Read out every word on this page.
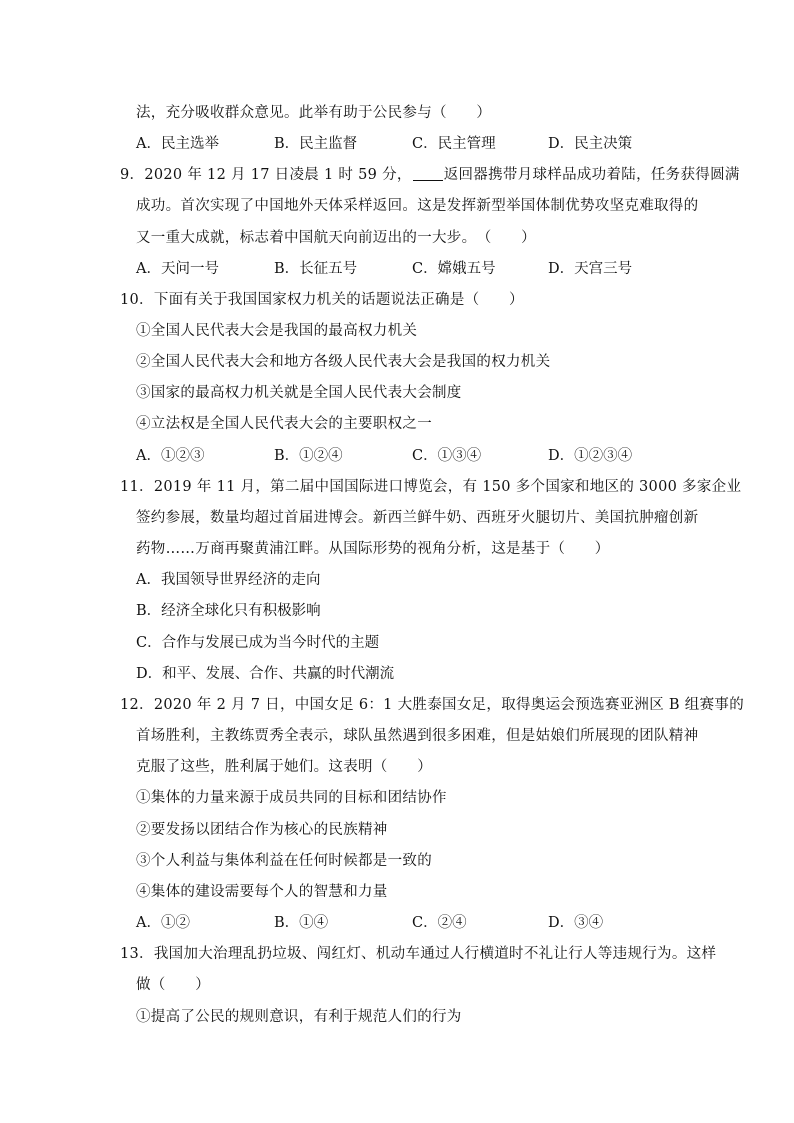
法，充分吸收群众意见。此举有助于公民参与（　　）
A．民主选举	B．民主监督	C．民主管理	D．民主决策
9．2020 年 12 月 17 日凌晨 1 时 59 分， 返回器携带月球样品成功着陆，任务获得圆满
成功。首次实现了中国地外天体采样返回。这是发挥新型举国体制优势攻坚克难取得的
又一重大成就，标志着中国航天向前迈出的一大步。　（　　）
A．天问一号	B．长征五号	C．嫦娥五号	D．天宫三号
10．下面有关于我国国家权力机关的话题说法正确是（　　）
①全国人民代表大会是我国的最高权力机关
②全国人民代表大会和地方各级人民代表大会是我国的权力机关
③国家的最高权力机关就是全国人民代表大会制度
④立法权是全国人民代表大会的主要职权之一
A．①②③	B．①②④	C．①③④	D．①②③④
11．2019 年 11 月，第二届中国国际进口博览会，有 150 多个国家和地区的 3000 多家企业
签约参展，数量均超过首届进博会。新西兰鲜牛奶、西班牙火腿切片、美国抗肿瘤创新
药物……万商再聚黄浦江畔。从国际形势的视角分析，这是基于（　　）
A．我国领导世界经济的走向
B．经济全球化只有积极影响
C．合作与发展已成为当今时代的主题
D．和平、发展、合作、共赢的时代潮流
12．2020 年 2 月 7 日，中国女足 6：1 大胜泰国女足，取得奥运会预选赛亚洲区 B 组赛事的
首场胜利，主教练贾秀全表示，球队虽然遇到很多困难，但是姑娘们所展现的团队精神
克服了这些，胜利属于她们。这表明（　　）
①集体的力量来源于成员共同的目标和团结协作
②要发扬以团结合作为核心的民族精神
③个人利益与集体利益在任何时候都是一致的
④集体的建设需要每个人的智慧和力量
A．①②	B．①④	C．②④	D．③④
13．我国加大治理乱扔垃圾、闯红灯、机动车通过人行横道时不礼让行人等违规行为。这样
做（　　）
①提高了公民的规则意识，有利于规范人们的行为
